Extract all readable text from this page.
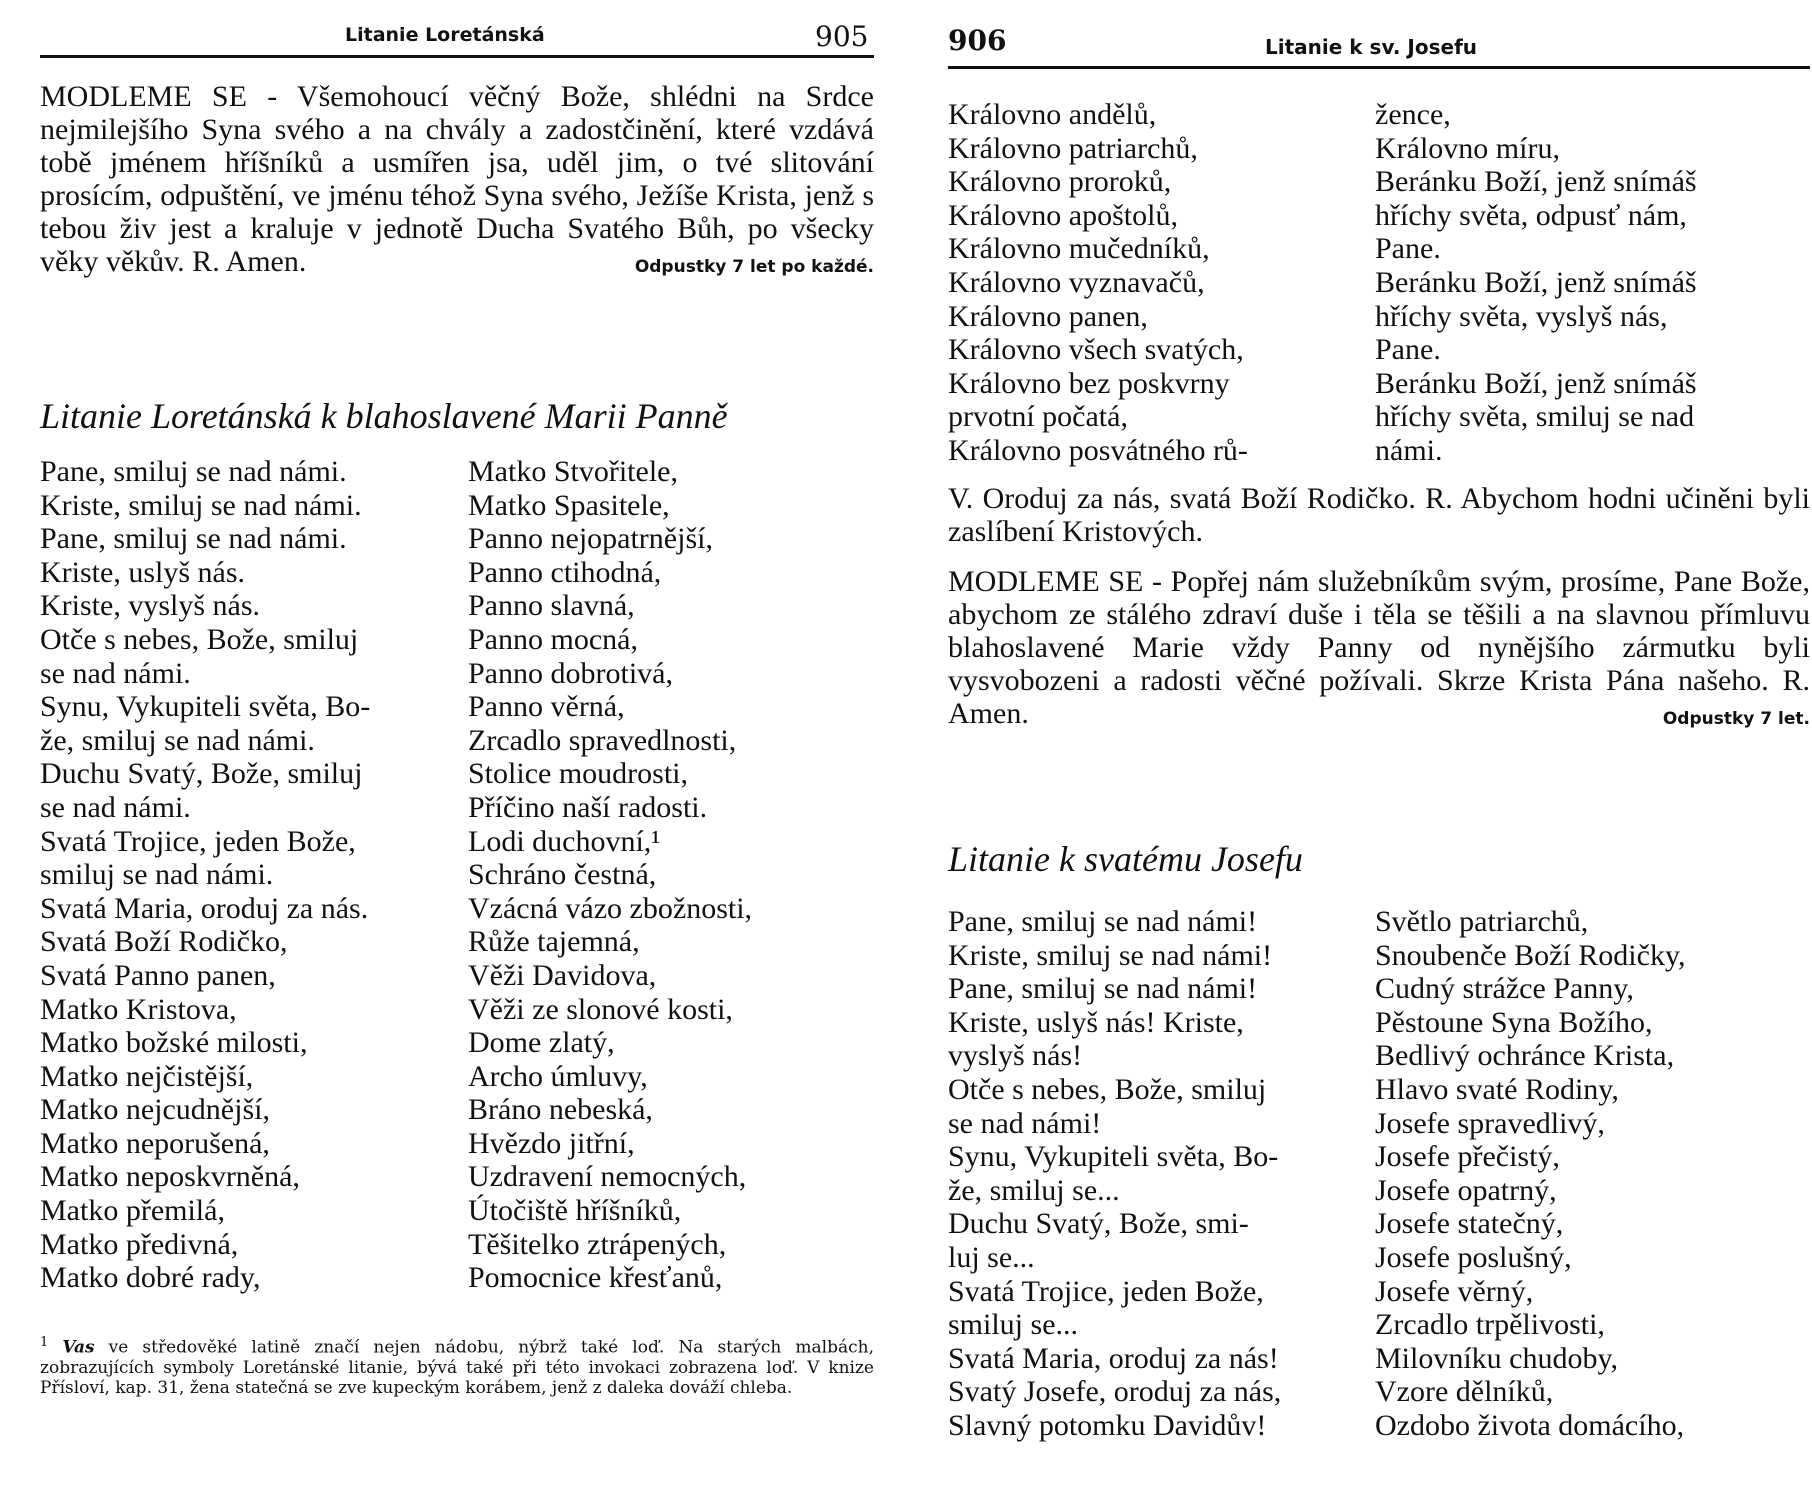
Litanie Loretánská	905

MODLEME SE - Všemohoucí věčný Bože, shlédni na Srdce nejmilejšího Syna svého a na chvály a zadostčinění, které vzdává tobě jménem hříšníků a usmířen jsa, uděl jim, o tvé slitování prosícím, odpuštění, ve jménu téhož Syna svého, Ježíše Krista, jenž s tebou živ jest a kraluje v jednotě Ducha Svatého Bůh, po všecky věky věkův. R. Amen.	Odpustky 7 let po každé.

Litanie Loretánská k blahoslavené Marii Panně
Pane, smiluj se nad námi.
Kriste, smiluj se nad námi.
Pane, smiluj se nad námi.
Kriste, uslyš nás.
Kriste, vyslyš nás.
Otče s nebes, Bože, smiluj
se nad námi.
Synu, Vykupiteli světa, Bo-
že, smiluj se nad námi.
Duchu Svatý, Bože, smiluj
se nad námi.
Svatá Trojice, jeden Bože,
smiluj se nad námi.
Svatá Maria, oroduj za nás.
Svatá Boží Rodičko,
Svatá Panno panen,
Matko Kristova,
Matko božské milosti,
Matko nejčistější,
Matko nejcudnější,
Matko neporušená,
Matko neposkvrněná,
Matko přemilá,
Matko předivná,
Matko dobré rady,
Matko Stvořitele,
Matko Spasitele,
Panno nejopatrnější,
Panno ctihodná,
Panno slavná,
Panno mocná,
Panno dobrotivá,
Panno věrná,
Zrcadlo spravedlnosti,
Stolice moudrosti,
Příčino naší radosti.
Lodi duchovní,¹
Schráno čestná,
Vzácná vázo zbožnosti,
Růže tajemná,
Věži Davidova,
Věži ze slonové kosti,
Dome zlatý,
Archo úmluvy,
Bráno nebeská,
Hvězdo jitřní,
Uzdravení nemocných,
Útočiště hříšníků,
Těšitelko ztrápených,
Pomocnice křesťanů,

$^1$ Vas ve středověké latině značí nejen nádobu, nýbrž také loď. Na starých malbách, zobrazujících symboly Loretánské litanie, bývá také při této invokaci zobrazena loď. V knize Přísloví, kap. 31, žena statečná se zve kupeckým korábem, jenž z daleka dováží chleba.

906	Litanie k sv. Josefu
Královno andělů,
Královno patriarchů,
Královno proroků,
Královno apoštolů,
Královno mučedníků,
Královno vyznavačů,
Královno panen,
Královno všech svatých,
Královno bez poskvrny
prvotní počatá,
Královno posvátného rů-
žence,
Královno míru,
Beránku Boží, jenž snímáš
hříchy světa, odpusť nám,
Pane.
Beránku Boží, jenž snímáš
hříchy světa, vyslyš nás,
Pane.
Beránku Boží, jenž snímáš
hříchy světa, smiluj se nad
námi.

V. Oroduj za nás, svatá Boží Rodičko. R. Abychom hodni učiněni byli zaslíbení Kristových.

MODLEME SE - Popřej nám služebníkům svým, prosíme, Pane Bože, abychom ze stálého zdraví duše i těla se těšili a na slavnou přímluvu blahoslavené Marie vždy Panny od nynějšího zármutku byli vysvobozeni a radosti věčné požívali. Skrze Krista Pána našeho. R. Amen.	Odpustky 7 let.

Litanie k svatému Josefu
Pane, smiluj se nad námi!
Kriste, smiluj se nad námi!
Pane, smiluj se nad námi!
Kriste, uslyš nás! Kriste,
vyslyš nás!
Otče s nebes, Bože, smiluj
se nad námi!
Synu, Vykupiteli světa, Bo-
že, smiluj se...
Duchu Svatý, Bože, smi-
luj se...
Svatá Trojice, jeden Bože,
smiluj se...
Svatá Maria, oroduj za nás!
Svatý Josefe, oroduj za nás,
Slavný potomku Davidův!
Světlo patriarchů,
Snoubenče Boží Rodičky,
Cudný strážce Panny,
Pěstoune Syna Božího,
Bedlivý ochránce Krista,
Hlavo svaté Rodiny,
Josefe spravedlivý,
Josefe přečistý,
Josefe opatrný,
Josefe statečný,
Josefe poslušný,
Josefe věrný,
Zrcadlo trpělivosti,
Milovníku chudoby,
Vzore dělníků,
Ozdobo života domácího,
